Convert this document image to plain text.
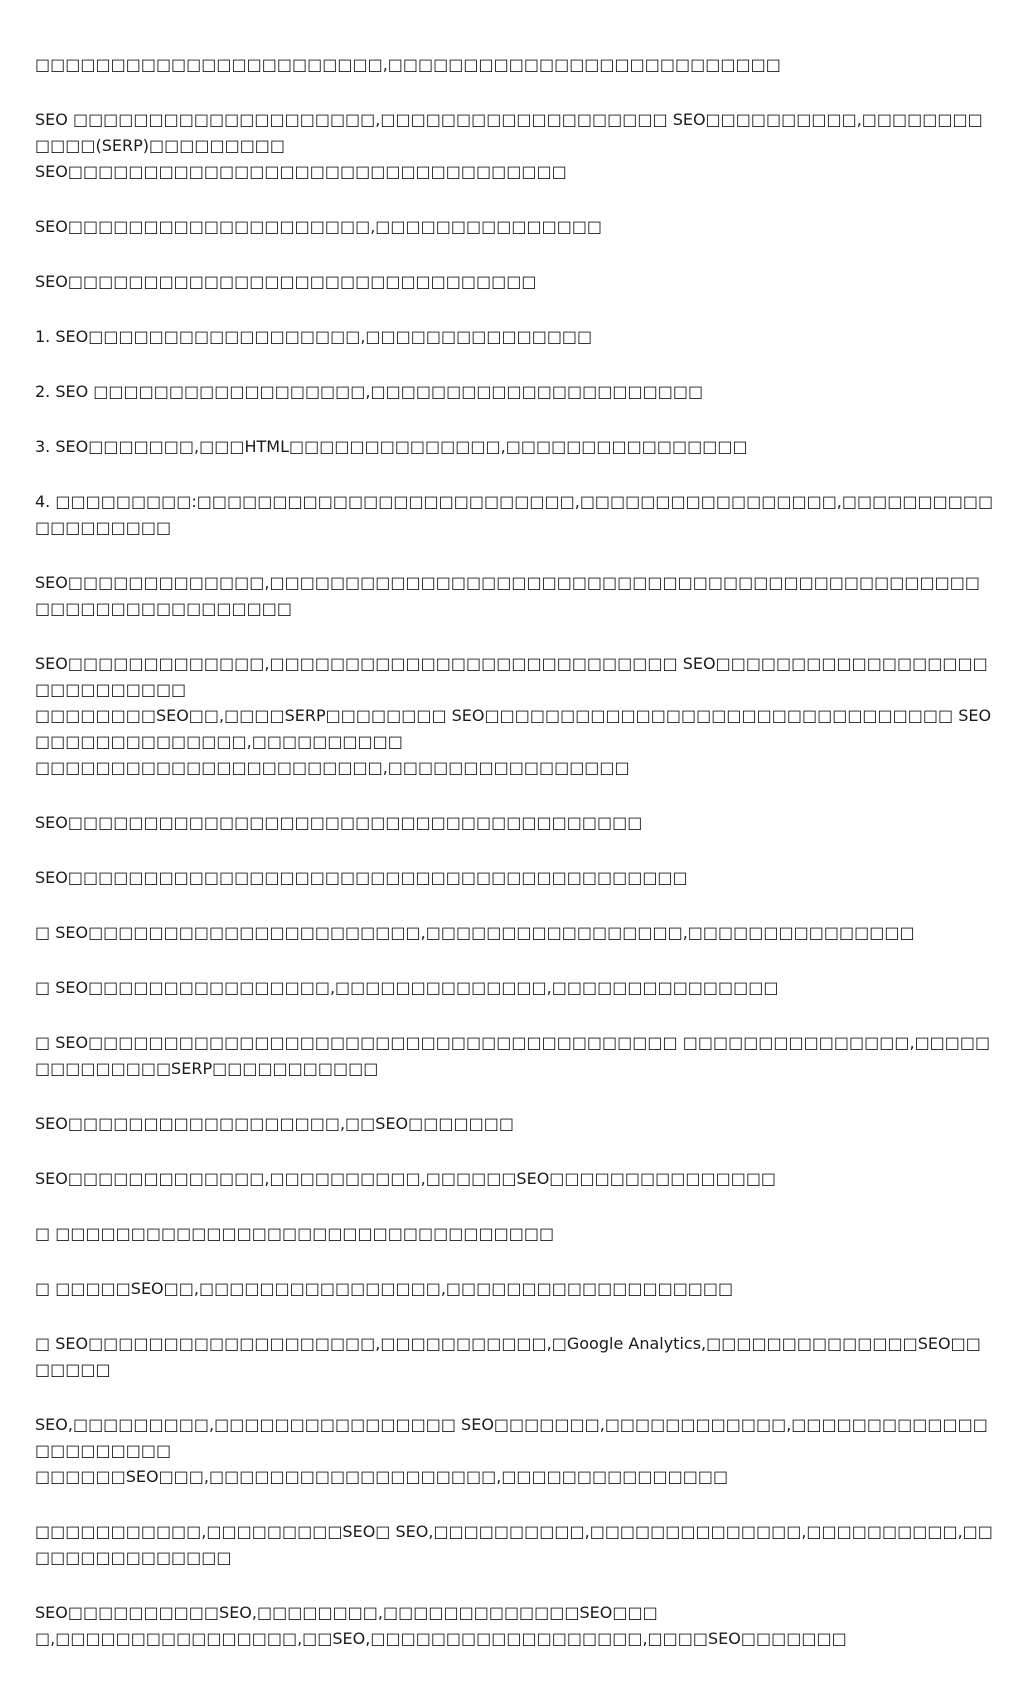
□□□□□□□□□□□□□□□□□□□□□□□,□□□□□□□□□□□□□□□□□□□□□□□□□□

SEO □□□□□□□□□□□□□□□□□□□□,□□□□□□□□□□□□□□□□□□□ SEO□□□□□□□□□□,□□□□□□□□□□□□(SERP)□□□□□□□□□
SEO□□□□□□□□□□□□□□□□□□□□□□□□□□□□□□□□□

SEO□□□□□□□□□□□□□□□□□□□□,□□□□□□□□□□□□□□□

SEO□□□□□□□□□□□□□□□□□□□□□□□□□□□□□□□

1. SEO□□□□□□□□□□□□□□□□□□,□□□□□□□□□□□□□□□

2. SEO □□□□□□□□□□□□□□□□□□,□□□□□□□□□□□□□□□□□□□□□□

3. SEO□□□□□□□,□□□HTML□□□□□□□□□□□□□□,□□□□□□□□□□□□□□□□

4. □□□□□□□□□:□□□□□□□□□□□□□□□□□□□□□□□□□,□□□□□□□□□□□□□□□□□,□□□□□□□□□□□□□□□□□□□

SEO□□□□□□□□□□□□□,□□□□□□□□□□□□□□□□□□□□□□□□□□□□□□□□□□□□□□□□□□□□□□□□□□□□□□□□□□□□□□□□

SEO□□□□□□□□□□□□□,□□□□□□□□□□□□□□□□□□□□□□□□□□□ SEO□□□□□□□□□□□□□□□□□□□□□□□□□□□□
□□□□□□□□SEO□□,□□□□SERP□□□□□□□□ SEO□□□□□□□□□□□□□□□□□□□□□□□□□□□□□□□ SEO□□□□□□□□□□□□□□,□□□□□□□□□□
□□□□□□□□□□□□□□□□□□□□□□□,□□□□□□□□□□□□□□□□

SEO□□□□□□□□□□□□□□□□□□□□□□□□□□□□□□□□□□□□□□

SEO□□□□□□□□□□□□□□□□□□□□□□□□□□□□□□□□□□□□□□□□□

□ SEO□□□□□□□□□□□□□□□□□□□□□□,□□□□□□□□□□□□□□□□□,□□□□□□□□□□□□□□□

□ SEO□□□□□□□□□□□□□□□□,□□□□□□□□□□□□□□,□□□□□□□□□□□□□□□

□ SEO□□□□□□□□□□□□□□□□□□□□□□□□□□□□□□□□□□□□□□□ □□□□□□□□□□□□□□□,□□□□□□□□□□□□□□SERP□□□□□□□□□□□

SEO□□□□□□□□□□□□□□□□□□,□□SEO□□□□□□□

SEO□□□□□□□□□□□□□,□□□□□□□□□□,□□□□□□SEO□□□□□□□□□□□□□□□

□ □□□□□□□□□□□□□□□□□□□□□□□□□□□□□□□□□

□ □□□□□SEO□□,□□□□□□□□□□□□□□□□,□□□□□□□□□□□□□□□□□□□

□ SEO□□□□□□□□□□□□□□□□□□□,□□□□□□□□□□□,□Google Analytics,□□□□□□□□□□□□□□SEO□□□□□□□

SEO,□□□□□□□□□,□□□□□□□□□□□□□□□□ SEO□□□□□□□,□□□□□□□□□□□□,□□□□□□□□□□□□□□□□□□□□□□
□□□□□□SEO□□□,□□□□□□□□□□□□□□□□□□□,□□□□□□□□□□□□□□□

□□□□□□□□□□□,□□□□□□□□□SEO□ SEO,□□□□□□□□□□,□□□□□□□□□□□□□□,□□□□□□□□□□,□□□□□□□□□□□□□□□

SEO□□□□□□□□□□SEO,□□□□□□□□,□□□□□□□□□□□□□SEO□□□
□,□□□□□□□□□□□□□□□□,□□SEO,□□□□□□□□□□□□□□□□□□,□□□□SEO□□□□□□□
